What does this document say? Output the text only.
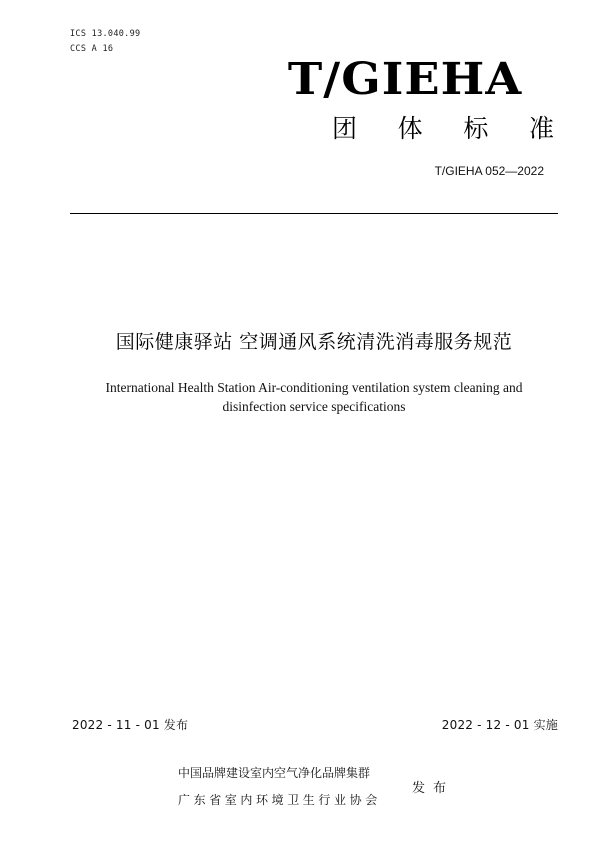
ICS 13.040.99
CCS A 16
T/GIEHA
团 体 标 准
T/GIEHA 052—2022
国际健康驿站 空调通风系统清洗消毒服务规范
International Health Station Air-conditioning ventilation system cleaning and
disinfection service specifications
2022 - 11 - 01 发布	2022 - 12 - 01 实施
中国品牌建设室内空气净化品牌集群
广东省室内环境卫生行业协会
发布
